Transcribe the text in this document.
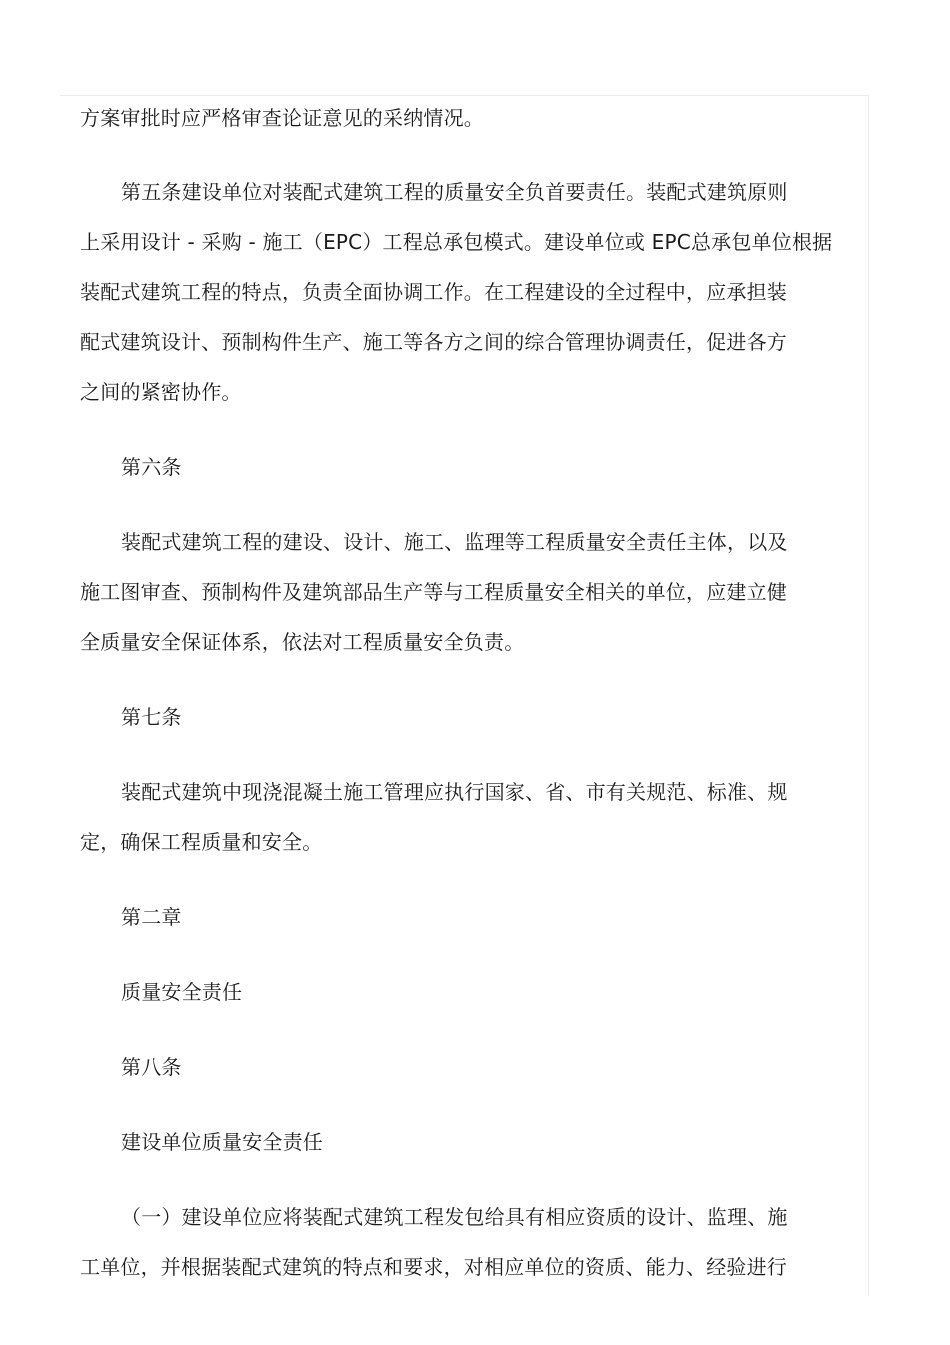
方案审批时应严格审查论证意见的采纳情况。
第五条建设单位对装配式建筑工程的质量安全负首要责任。装配式建筑原则
上采用设计 - 采购 - 施工（EPC）工程总承包模式。建设单位或 EPC总承包单位根据
装配式建筑工程的特点，负责全面协调工作。在工程建设的全过程中，应承担装
配式建筑设计、预制构件生产、施工等各方之间的综合管理协调责任，促进各方
之间的紧密协作。
第六条
装配式建筑工程的建设、设计、施工、监理等工程质量安全责任主体，以及
施工图审查、预制构件及建筑部品生产等与工程质量安全相关的单位，应建立健
全质量安全保证体系，依法对工程质量安全负责。
第七条
装配式建筑中现浇混凝土施工管理应执行国家、省、市有关规范、标准、规
定，确保工程质量和安全。
第二章
质量安全责任
第八条
建设单位质量安全责任
（一）建设单位应将装配式建筑工程发包给具有相应资质的设计、监理、施
工单位，并根据装配式建筑的特点和要求，对相应单位的资质、能力、经验进行
